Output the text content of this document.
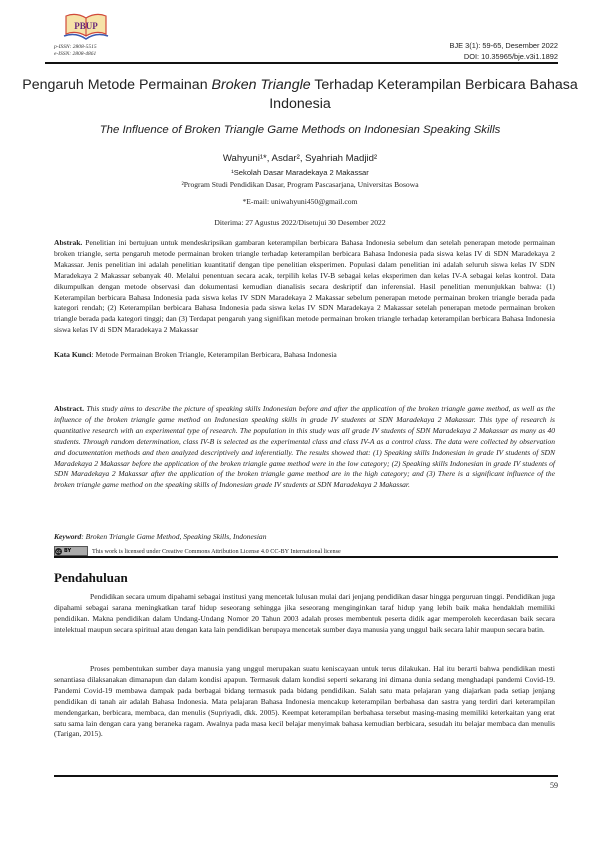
PBUP
p-ISSN: 2808-5515
e-ISSN: 2808-4861
BJE 3(1): 59-65, Desember 2022
DOI: 10.35965/bje.v3i1.1892
Pengaruh Metode Permainan Broken Triangle Terhadap Keterampilan Berbicara Bahasa Indonesia
The Influence of Broken Triangle Game Methods on Indonesian Speaking Skills
Wahyuni¹*, Asdar², Syahriah Madjid²
¹Sekolah Dasar Maradekaya 2 Makassar
²Program Studi Pendidikan Dasar, Program Pascasarjana, Universitas Bosowa
*E-mail: uniwahyuni450@gmail.com
Diterima: 27 Agustus 2022/Disetujui 30 Desember 2022
Abstrak. Penelitian ini bertujuan untuk mendeskripsikan gambaran keterampilan berbicara Bahasa Indonesia sebelum dan setelah penerapan metode permainan broken triangle, serta pengaruh metode permainan broken triangle terhadap keterampilan berbicara Bahasa Indonesia pada siswa kelas IV di SDN Maradekaya 2 Makassar. Jenis penelitian ini adalah penelitian kuantitatif dengan tipe penelitian eksperimen. Populasi dalam penelitian ini adalah seluruh siswa kelas IV SDN Maradekaya 2 Makassar sebanyak 40. Melalui penentuan secara acak, terpilih kelas IV-B sebagai kelas eksperimen dan kelas IV-A sebagai kelas kontrol. Data dikumpulkan dengan metode observasi dan dokumentasi kemudian dianalisis secara deskriptif dan inferensial. Hasil penelitian menunjukkan bahwa: (1) Keterampilan berbicara Bahasa Indonesia pada siswa kelas IV SDN Maradekaya 2 Makassar sebelum penerapan metode permainan broken triangle berada pada kategori rendah; (2) Keterampilan berbicara Bahasa Indonesia pada siswa kelas IV SDN Maradekaya 2 Makassar setelah penerapan metode permainan broken triangle berada pada kategori tinggi; dan (3) Terdapat pengaruh yang signifikan metode permainan broken triangle terhadap keterampilan berbicara Bahasa Indonesia siswa kelas IV di SDN Maradekaya 2 Makassar
Kata Kunci: Metode Permainan Broken Triangle, Keterampilan Berbicara, Bahasa Indonesia
Abstract. This study aims to describe the picture of speaking skills Indonesian before and after the application of the broken triangle game method, as well as the influence of the broken triangle game method on Indonesian speaking skills in grade IV students at SDN Maradekaya 2 Makassar. This type of research is quantitative research with an experimental type of research. The population in this study was all grade IV students of SDN Maradekaya 2 Makassar as many as 40 students. Through random determination, class IV-B is selected as the experimental class and class IV-A as a control class. The data were collected by observation and documentation methods and then analyzed descriptively and inferentially. The results showed that: (1) Speaking skills Indonesian in grade IV students of SDN Maradekaya 2 Makassar before the application of the broken triangle game method were in the low category; (2) Speaking skills Indonesian in grade IV students of SDN Maradekaya 2 Makassar after the application of the broken triangle game method are in the high category; and (3) There is a significant influence of the broken triangle game method on the speaking skills of Indonesian grade IV students at SDN Maradekaya 2 Makassar.
Keyword: Broken Triangle Game Method, Speaking Skills, Indonesian
cc BY	This work is licensed under Creative Commons Attribution License 4.0 CC-BY International license
Pendahuluan
Pendidikan secara umum dipahami sebagai institusi yang mencetak lulusan mulai dari jenjang pendidikan dasar hingga perguruan tinggi. Pendidikan juga dipahami sebagai sarana meningkatkan taraf hidup seseorang sehingga jika seseorang menginginkan taraf hidup yang lebih baik maka hendaklah memiliki pendidikan. Makna pendidikan dalam Undang-Undang Nomor 20 Tahun 2003 adalah proses membentuk peserta didik agar memperoleh kecerdasan baik secara intelektual maupun secara spiritual atau dengan kata lain pendidikan berupaya mencetak sumber daya manusia yang unggul baik secara lahir maupun secara batin.
Proses pembentukan sumber daya manusia yang unggul merupakan suatu keniscayaan untuk terus dilakukan. Hal itu berarti bahwa pendidikan mesti senantiasa dilaksanakan dimanapun dan dalam kondisi apapun. Termasuk dalam kondisi seperti sekarang ini dimana dunia sedang menghadapi pandemi Covid-19. Pandemi Covid-19 membawa dampak pada berbagai bidang termasuk pada bidang pendidikan. Salah satu mata pelajaran yang diajarkan pada setiap jenjang pendidikan di tanah air adalah Bahasa Indonesia. Mata pelajaran Bahasa Indonesia mencakup keterampilan berbahasa dan sastra yang terdiri dari keterampilan mendengarkan, berbicara, membaca, dan menulis (Supriyadi, dkk. 2005). Keempat keterampilan berbahasa tersebut masing-masing memiliki keterkaitan yang erat satu sama lain dengan cara yang beraneka ragam. Awalnya pada masa kecil belajar menyimak bahasa kemudian berbicara, sesudah itu belajar membaca dan menulis (Tarigan, 2015).
59
